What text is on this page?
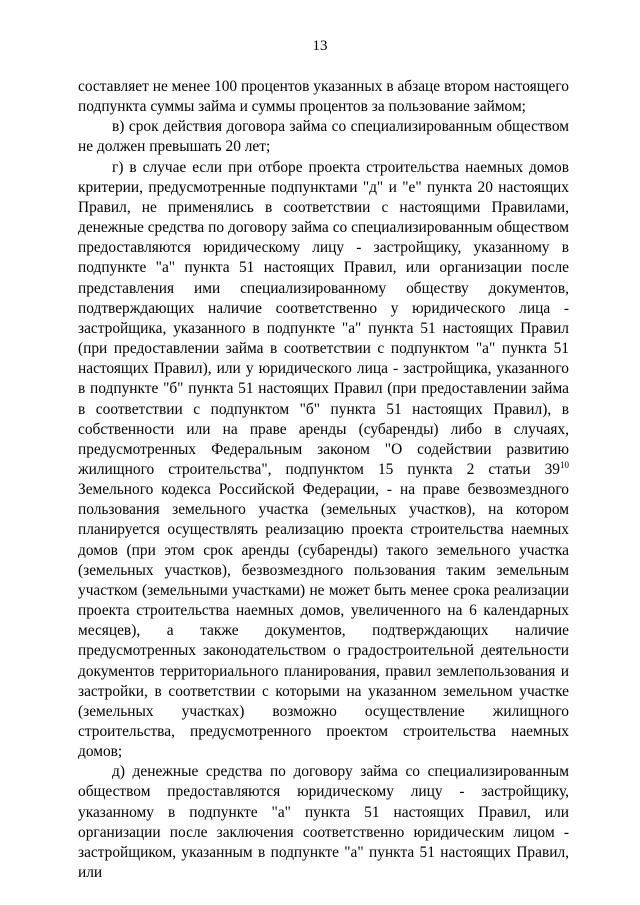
13

составляет не менее 100 процентов указанных в абзаце втором настоящего подпункта суммы займа и суммы процентов за пользование займом;

в) срок действия договора займа со специализированным обществом не должен превышать 20 лет;

г) в случае если при отборе проекта строительства наемных домов критерии, предусмотренные подпунктами "д" и "е" пункта 20 настоящих Правил, не применялись в соответствии с настоящими Правилами, денежные средства по договору займа со специализированным обществом предоставляются юридическому лицу - застройщику, указанному в подпункте "а" пункта 51 настоящих Правил, или организации после представления ими специализированному обществу документов, подтверждающих наличие соответственно у юридического лица - застройщика, указанного в подпункте "а" пункта 51 настоящих Правил (при предоставлении займа в соответствии с подпунктом "а" пункта 51 настоящих Правил), или у юридического лица - застройщика, указанного в подпункте "б" пункта 51 настоящих Правил (при предоставлении займа в соответствии с подпунктом "б" пункта 51 настоящих Правил), в собственности или на праве аренды (субаренды) либо в случаях, предусмотренных Федеральным законом "О содействии развитию жилищного строительства", подпунктом 15 пункта 2 статьи $39^{10}$ Земельного кодекса Российской Федерации, - на праве безвозмездного пользования земельного участка (земельных участков), на котором планируется осуществлять реализацию проекта строительства наемных домов (при этом срок аренды (субаренды) такого земельного участка (земельных участков), безвозмездного пользования таким земельным участком (земельными участками) не может быть менее срока реализации проекта строительства наемных домов, увеличенного на 6 календарных месяцев), а также документов, подтверждающих наличие предусмотренных законодательством о градостроительной деятельности документов территориального планирования, правил землепользования и застройки, в соответствии с которыми на указанном земельном участке (земельных участках) возможно осуществление жилищного строительства, предусмотренного проектом строительства наемных домов;

д) денежные средства по договору займа со специализированным обществом предоставляются юридическому лицу - застройщику, указанному в подпункте "а" пункта 51 настоящих Правил, или организации после заключения соответственно юридическим лицом - застройщиком, указанным в подпункте "а" пункта 51 настоящих Правил, или
